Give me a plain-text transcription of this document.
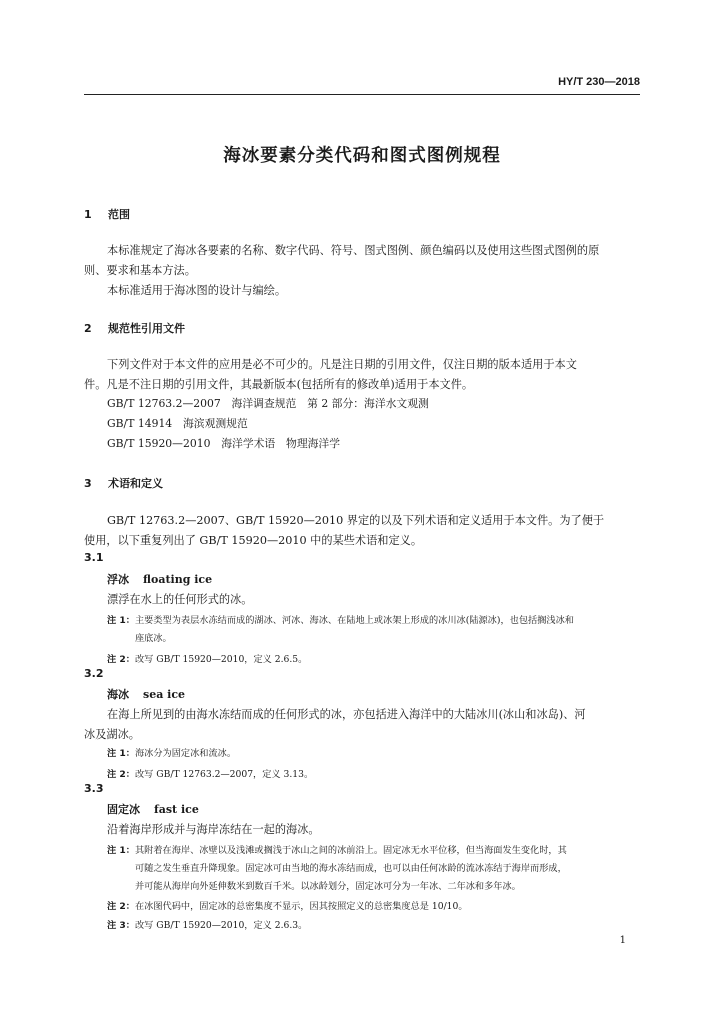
HY/T 230—2018
海冰要素分类代码和图式图例规程
1 范围
本标准规定了海冰各要素的名称、数字代码、符号、图式图例、颜色编码以及使用这些图式图例的原
则、要求和基本方法。
本标准适用于海冰图的设计与编绘。
2 规范性引用文件
下列文件对于本文件的应用是必不可少的。凡是注日期的引用文件，仅注日期的版本适用于本文
件。凡是不注日期的引用文件，其最新版本(包括所有的修改单)适用于本文件。
GB/T 12763.2—2007　海洋调查规范　第 2 部分：海洋水文观测
GB/T 14914　海滨观测规范
GB/T 15920—2010　海洋学术语　物理海洋学
3 术语和定义
GB/T 12763.2—2007、GB/T 15920—2010 界定的以及下列术语和定义适用于本文件。为了便于
使用，以下重复列出了 GB/T 15920—2010 中的某些术语和定义。
3.1
浮冰 floating ice
漂浮在水上的任何形式的冰。
注 1：主要类型为表层水冻结而成的湖冰、河冰、海冰、在陆地上或冰架上形成的冰川冰(陆源冰)，也包括搁浅冰和
座底冰。
注 2：改写 GB/T 15920—2010，定义 2.6.5。
3.2
海冰 sea ice
在海上所见到的由海水冻结而成的任何形式的冰，亦包括进入海洋中的大陆冰川(冰山和冰岛)、河
冰及湖冰。
注 1：海冰分为固定冰和流冰。
注 2：改写 GB/T 12763.2—2007，定义 3.13。
3.3
固定冰 fast ice
沿着海岸形成并与海岸冻结在一起的海冰。
注 1：其附着在海岸、冰壁以及浅滩或搁浅于冰山之间的冰前沿上。固定冰无水平位移，但当海面发生变化时，其
可随之发生垂直升降现象。固定冰可由当地的海水冻结而成，也可以由任何冰龄的流冰冻结于海岸而形成，
并可能从海岸向外延伸数米到数百千米。以冰龄划分，固定冰可分为一年冰、二年冰和多年冰。
注 2：在冰图代码中，固定冰的总密集度不显示，因其按照定义的总密集度总是 10/10。
注 3：改写 GB/T 15920—2010，定义 2.6.3。
1
